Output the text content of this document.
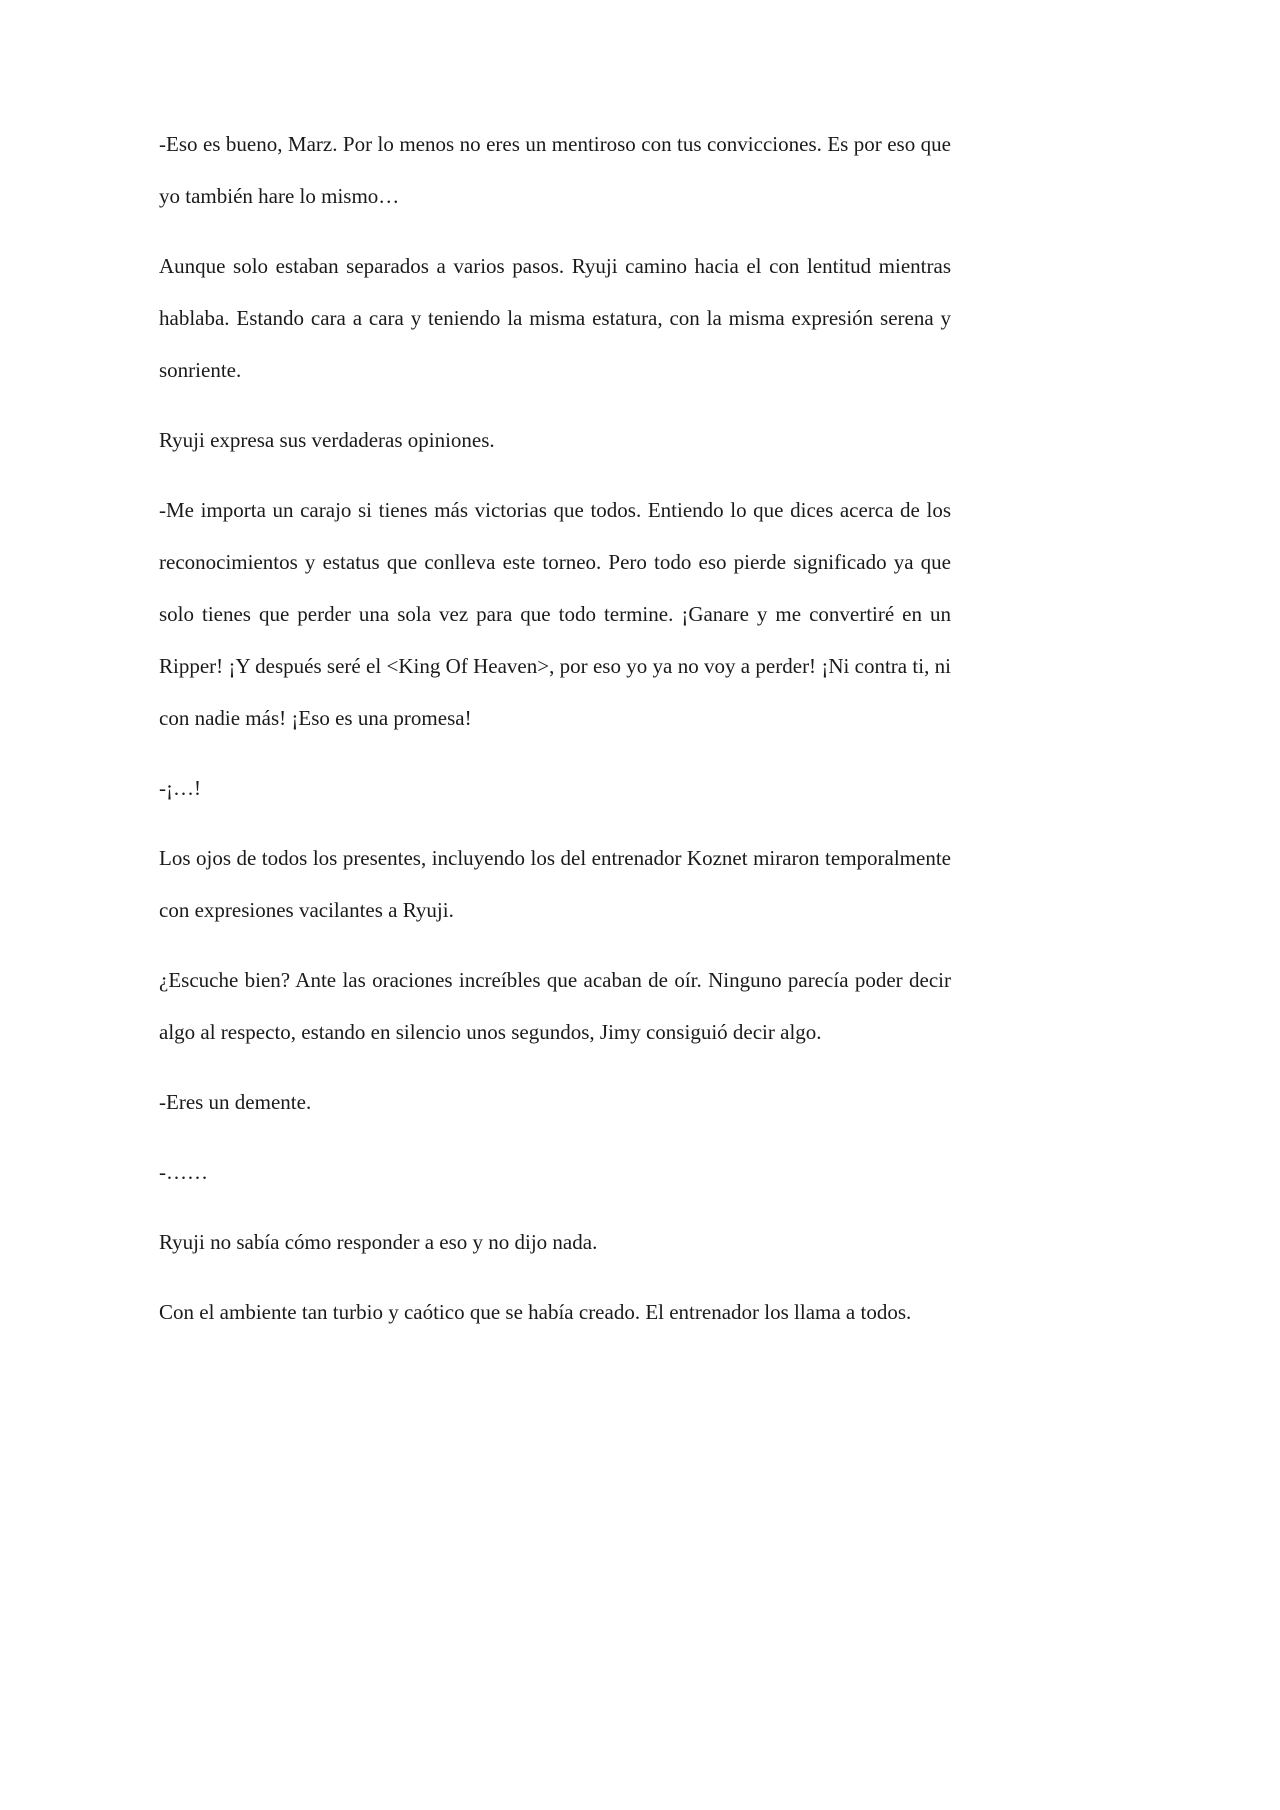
-Eso es bueno, Marz. Por lo menos no eres un mentiroso con tus convicciones. Es por eso que yo también hare lo mismo…

Aunque solo estaban separados a varios pasos. Ryuji camino hacia el con lentitud mientras hablaba. Estando cara a cara y teniendo la misma estatura, con la misma expresión serena y sonriente.

Ryuji expresa sus verdaderas opiniones.

-Me importa un carajo si tienes más victorias que todos. Entiendo lo que dices acerca de los reconocimientos y estatus que conlleva este torneo. Pero todo eso pierde significado ya que solo tienes que perder una sola vez para que todo termine. ¡Ganare y me convertiré en un Ripper! ¡Y después seré el <King Of Heaven>, por eso yo ya no voy a perder! ¡Ni contra ti, ni con nadie más! ¡Eso es una promesa!

-¡…!

Los ojos de todos los presentes, incluyendo los del entrenador Koznet miraron temporalmente con expresiones vacilantes a Ryuji.

¿Escuche bien? Ante las oraciones increíbles que acaban de oír. Ninguno parecía poder decir algo al respecto, estando en silencio unos segundos, Jimy consiguió decir algo.

-Eres un demente.

-……

Ryuji no sabía cómo responder a eso y no dijo nada.

Con el ambiente tan turbio y caótico que se había creado. El entrenador los llama a todos.
